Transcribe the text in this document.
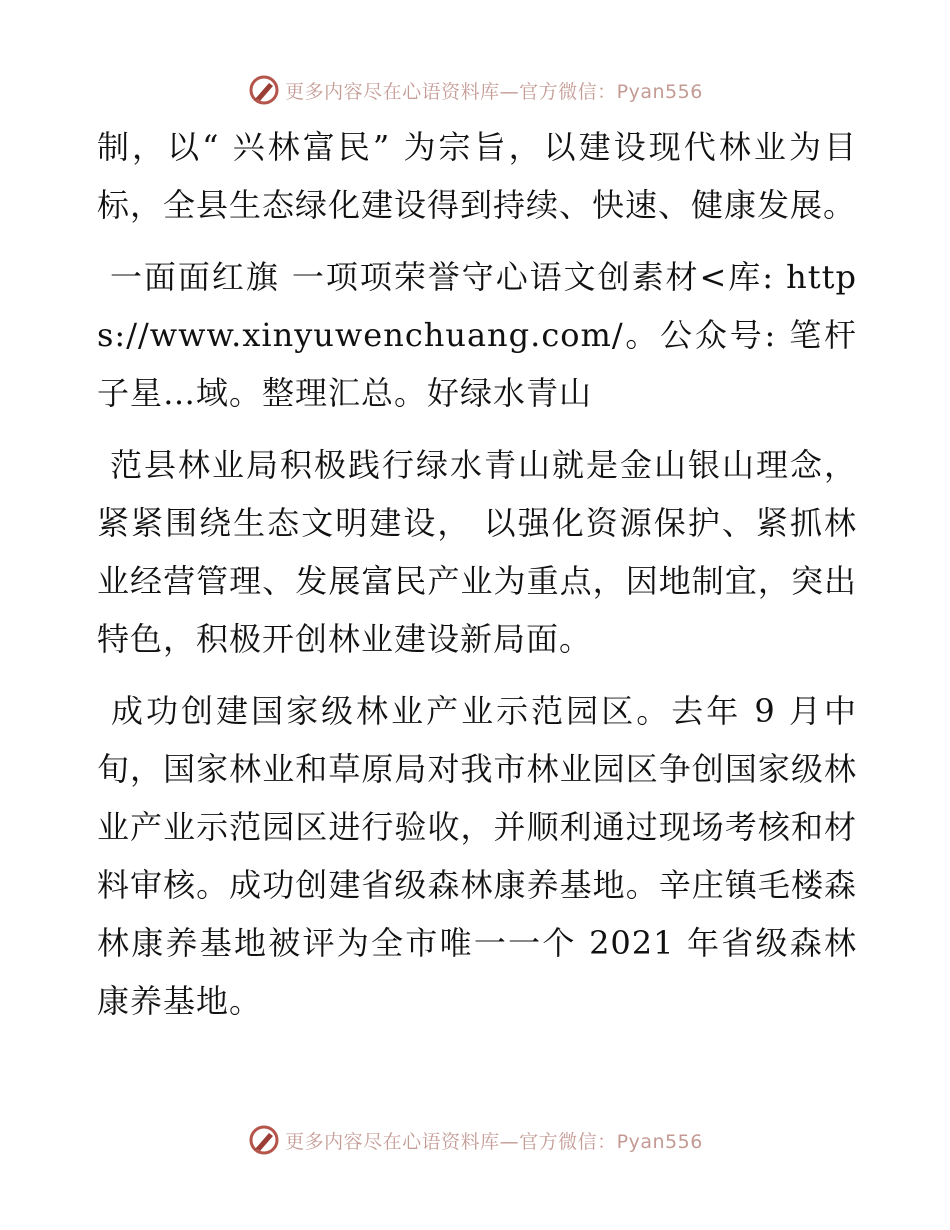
更多内容尽在心语资料库—官方微信：Pyan556

制，以“ 兴林富民” 为宗旨，以建设现代林业为目标，全县生态绿化建设得到持续、快速、健康发展。

一面面红旗 一项项荣誉守心语文创素材<库: https://www.xinyuwenchuang.com/。公众号: 笔杆子星…域。整理汇总。好绿水青山

范县林业局积极践行绿水青山就是金山银山理念， 紧紧围绕生态文明建设， 以强化资源保护、紧抓林业经营管理、发展富民产业为重点，因地制宜，突出特色，积极开创林业建设新局面。

成功创建国家级林业产业示范园区。去年 9 月中旬，国家林业和草原局对我市林业园区争创国家级林业产业示范园区进行验收，并顺利通过现场考核和材料审核。成功创建省级森林康养基地。辛庄镇毛楼森林康养基地被评为全市唯一一个 2021 年省级森林康养基地。

更多内容尽在心语资料库—官方微信：Pyan556
